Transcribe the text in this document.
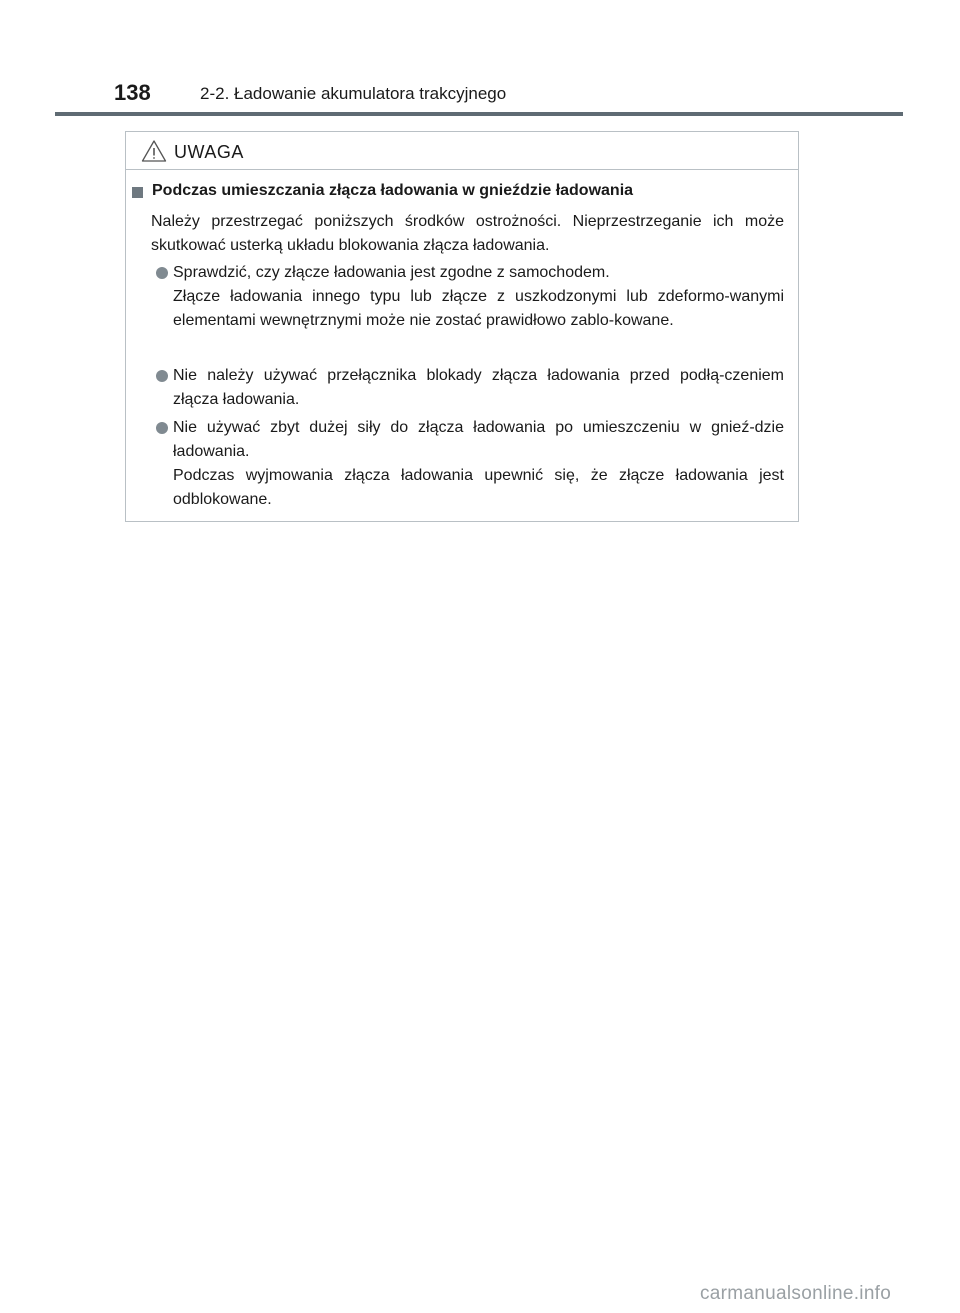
138	2-2. Ładowanie akumulatora trakcyjnego
UWAGA
Podczas umieszczania złącza ładowania w gnieździe ładowania

Należy przestrzegać poniższych środków ostrożności. Nieprzestrzeganie ich może skutkować usterką układu blokowania złącza ładowania.

Sprawdzić, czy złącze ładowania jest zgodne z samochodem.
Złącze ładowania innego typu lub złącze z uszkodzonymi lub zdeformo-wanymi elementami wewnętrznymi może nie zostać prawidłowo zablo-kowane.

Nie należy używać przełącznika blokady złącza ładowania przed podłą-czeniem złącza ładowania.

Nie używać zbyt dużej siły do złącza ładowania po umieszczeniu w gnieź-dzie ładowania.
Podczas wyjmowania złącza ładowania upewnić się, że złącze ładowania jest odblokowane.

carmanualsonline.info
